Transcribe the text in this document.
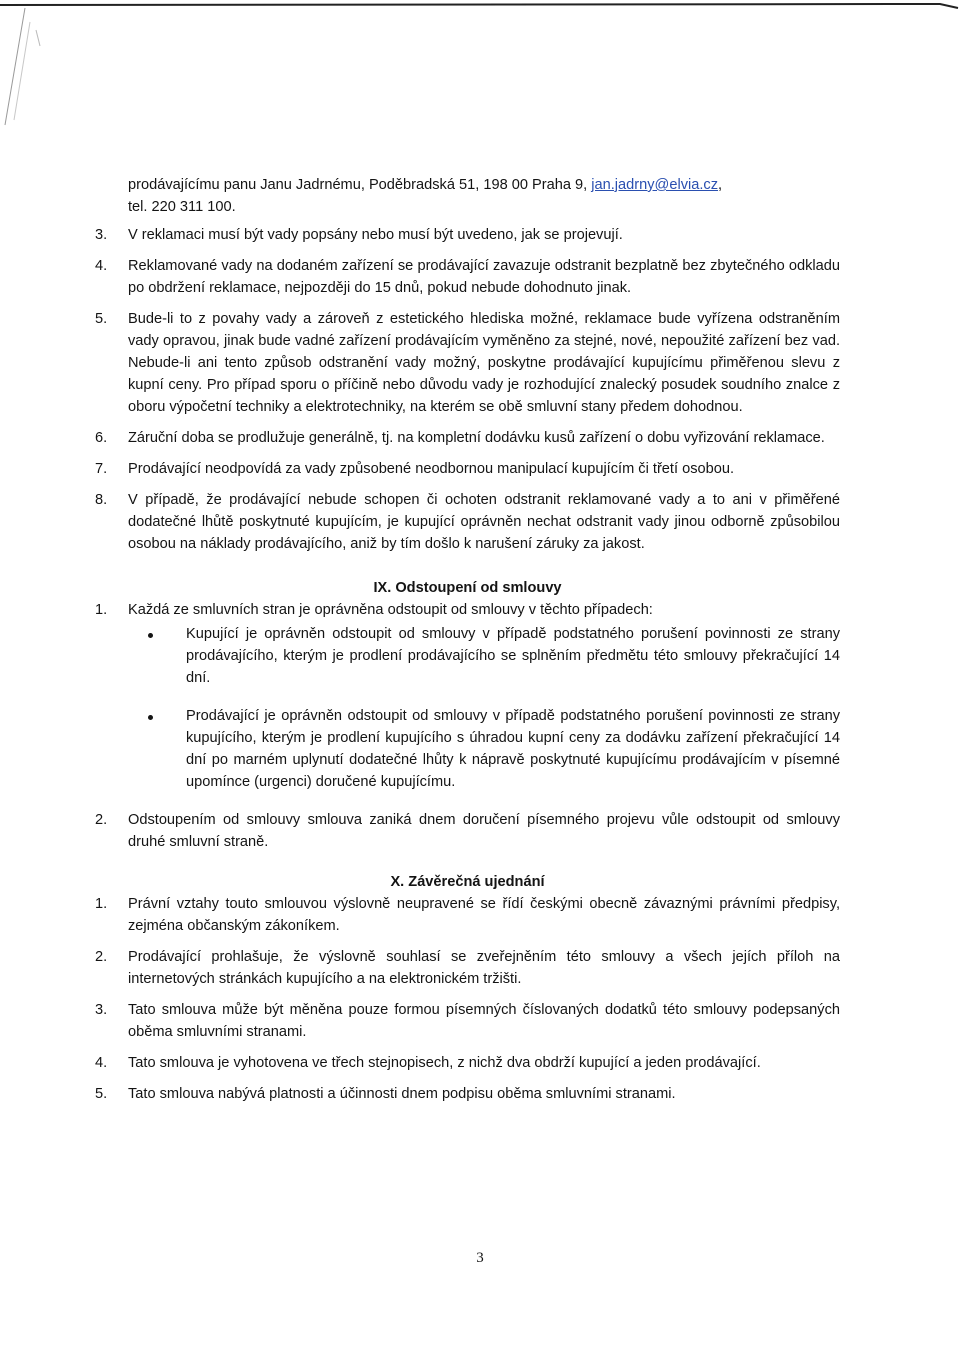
prodávajícímu panu Janu Jadrnému, Poděbradská 51, 198 00 Praha 9, jan.jadrny@elvia.cz,
tel. 220 311 100.
3.	V reklamaci musí být vady popsány nebo musí být uvedeno, jak se projevují.
4.	Reklamované vady na dodaném zařízení se prodávající zavazuje odstranit bezplatně bez zbytečného odkladu po obdržení reklamace, nejpozději do 15 dnů, pokud nebude dohodnuto jinak.
5.	Bude-li to z povahy vady a zároveň z estetického hlediska možné, reklamace bude vyřízena odstraněním vady opravou, jinak bude vadné zařízení prodávajícím vyměněno za stejné, nové, nepoužité zařízení bez vad. Nebude-li ani tento způsob odstranění vady možný, poskytne prodávající kupujícímu přiměřenou slevu z kupní ceny. Pro případ sporu o příčině nebo důvodu vady je rozhodující znalecký posudek soudního znalce z oboru výpočetní techniky a elektrotechniky, na kterém se obě smluvní stany předem dohodnou.
6.	Záruční doba se prodlužuje generálně, tj. na kompletní dodávku kusů zařízení o dobu vyřizování reklamace.
7.	Prodávající neodpovídá za vady způsobené neodbornou manipulací kupujícím či třetí osobou.
8.	V případě, že prodávající nebude schopen či ochoten odstranit reklamované vady a to ani v přiměřené dodatečné lhůtě poskytnuté kupujícím, je kupující oprávněn nechat odstranit vady jinou odborně způsobilou osobou na náklady prodávajícího, aniž by tím došlo k narušení záruky za jakost.
IX. Odstoupení od smlouvy
1.	Každá ze smluvních stran je oprávněna odstoupit od smlouvy v těchto případech:
Kupující je oprávněn odstoupit od smlouvy v případě podstatného porušení povinnosti ze strany prodávajícího, kterým je prodlení prodávajícího se splněním předmětu této smlouvy překračující 14 dní.
Prodávající je oprávněn odstoupit od smlouvy v případě podstatného porušení povinnosti ze strany kupujícího, kterým je prodlení kupujícího s úhradou kupní ceny za dodávku zařízení překračující 14 dní po marném uplynutí dodatečné lhůty k nápravě poskytnuté kupujícímu prodávajícím v písemné upomínce (urgenci) doručené kupujícímu.
2.	Odstoupením od smlouvy smlouva zaniká dnem doručení písemného projevu vůle odstoupit od smlouvy druhé smluvní straně.
X. Závěrečná ujednání
1.	Právní vztahy touto smlouvou výslovně neupravené se řídí českými obecně závaznými právními předpisy, zejména občanským zákoníkem.
2.	Prodávající prohlašuje, že výslovně souhlasí se zveřejněním této smlouvy a všech jejích příloh na internetových stránkách kupujícího a na elektronickém tržišti.
3.	Tato smlouva může být měněna pouze formou písemných číslovaných dodatků této smlouvy podepsaných oběma smluvními stranami.
4.	Tato smlouva je vyhotovena ve třech stejnopisech, z nichž dva obdrží kupující a jeden prodávající.
5.	Tato smlouva nabývá platnosti a účinnosti dnem podpisu oběma smluvními stranami.
3
